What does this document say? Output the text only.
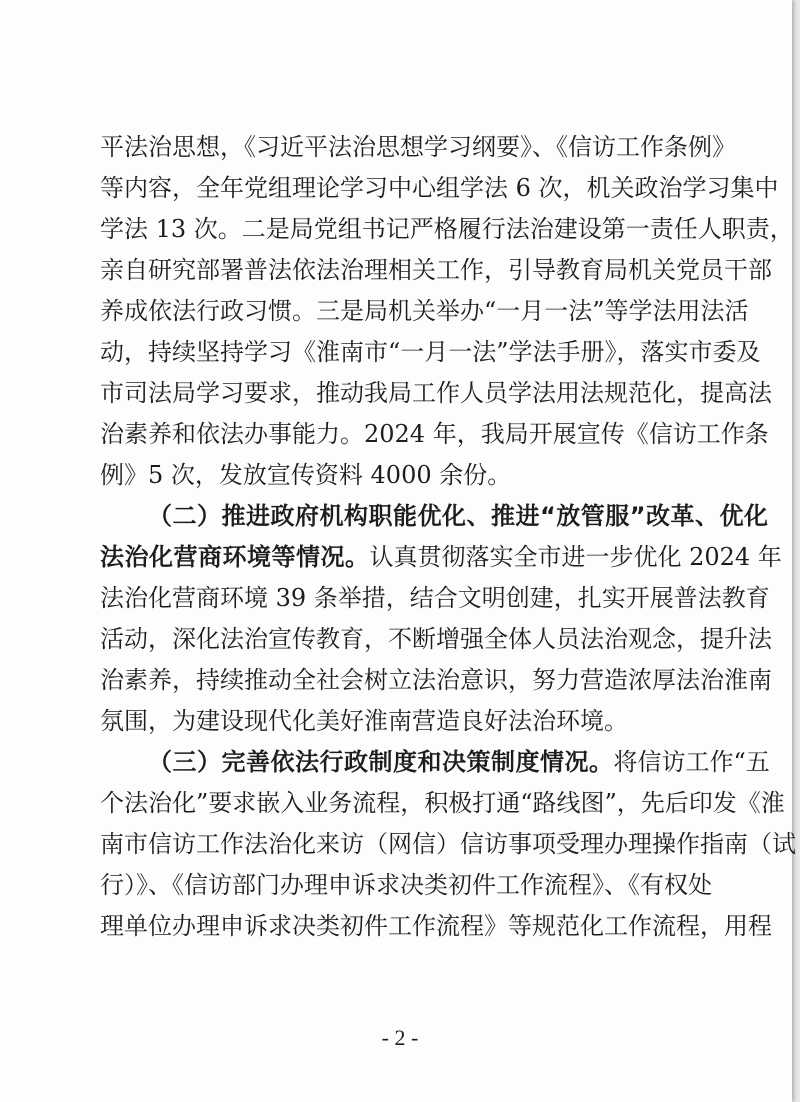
平法治思想，《习近平法治思想学习纲要》、《信访工作条例》
等内容，全年党组理论学习中心组学法 6 次，机关政治学习集中
学法 13 次。二是局党组书记严格履行法治建设第一责任人职责，
亲自研究部署普法依法治理相关工作，引导教育局机关党员干部
养成依法行政习惯。三是局机关举办“一月一法”等学法用法活
动，持续坚持学习《淮南市“一月一法”学法手册》，落实市委及
市司法局学习要求，推动我局工作人员学法用法规范化，提高法
治素养和依法办事能力。2024 年，我局开展宣传《信访工作条
例》5 次，发放宣传资料 4000 余份。
（二）推进政府机构职能优化、推进“放管服”改革、优化
法治化营商环境等情况。认真贯彻落实全市进一步优化 2024 年
法治化营商环境 39 条举措，结合文明创建，扎实开展普法教育
活动，深化法治宣传教育，不断增强全体人员法治观念，提升法
治素养，持续推动全社会树立法治意识，努力营造浓厚法治淮南
氛围，为建设现代化美好淮南营造良好法治环境。
（三）完善依法行政制度和决策制度情况。将信访工作“五
个法治化”要求嵌入业务流程，积极打通“路线图”，先后印发《淮
南市信访工作法治化来访（网信）信访事项受理办理操作指南（试
行）》、《信访部门办理申诉求决类初件工作流程》、《有权处
理单位办理申诉求决类初件工作流程》等规范化工作流程，用程
- 2 -
